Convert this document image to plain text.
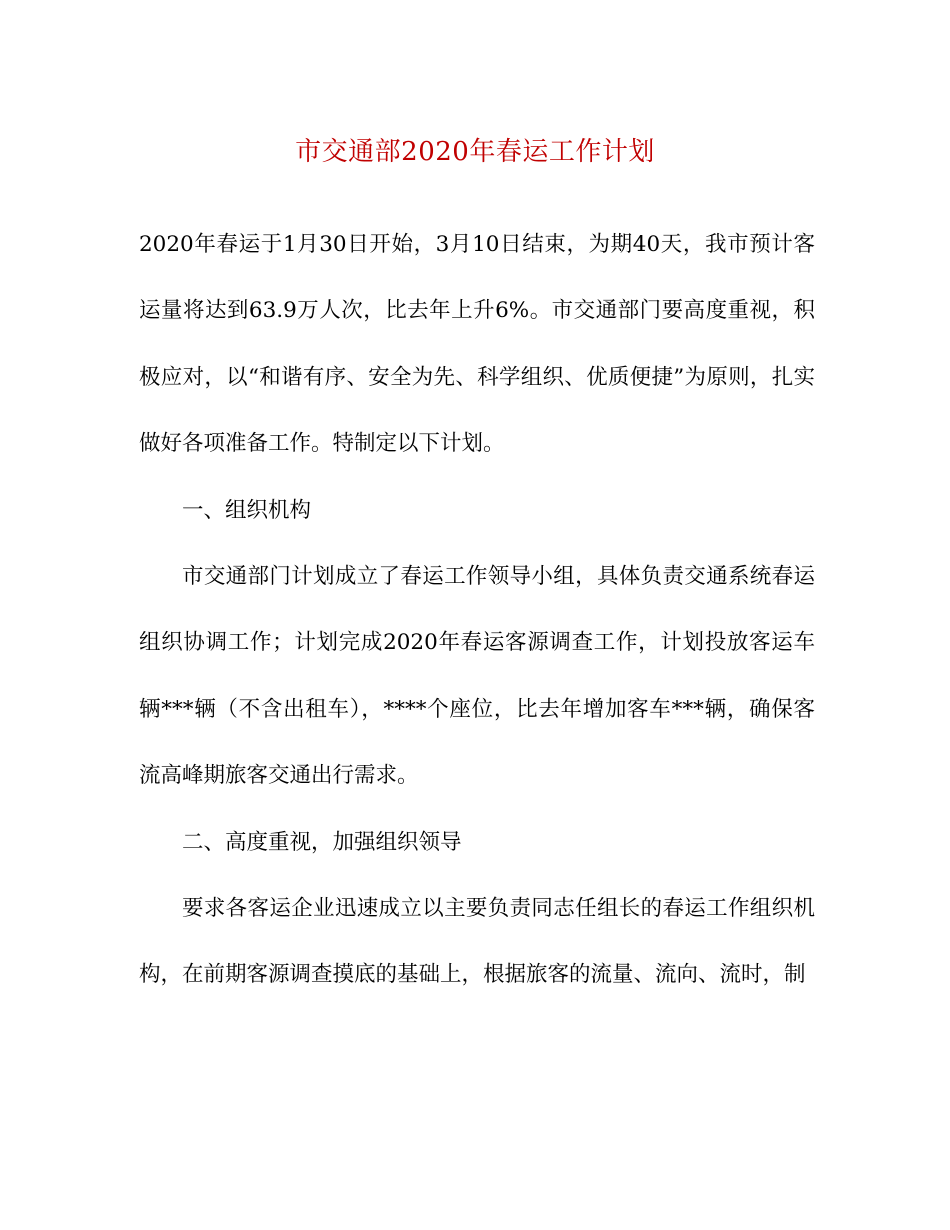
市交通部2020年春运工作计划

2020年春运于1月30日开始，3月10日结束，为期40天，我市预计客运量将达到63.9万人次，比去年上升6%。市交通部门要高度重视，积极应对，以“和谐有序、安全为先、科学组织、优质便捷”为原则，扎实做好各项准备工作。特制定以下计划。

一、组织机构

市交通部门计划成立了春运工作领导小组，具体负责交通系统春运组织协调工作；计划完成2020年春运客源调查工作，计划投放客运车辆***辆（不含出租车），****个座位，比去年增加客车***辆，确保客流高峰期旅客交通出行需求。

二、高度重视，加强组织领导

要求各客运企业迅速成立以主要负责同志任组长的春运工作组织机构，在前期客源调查摸底的基础上，根据旅客的流量、流向、流时，制
